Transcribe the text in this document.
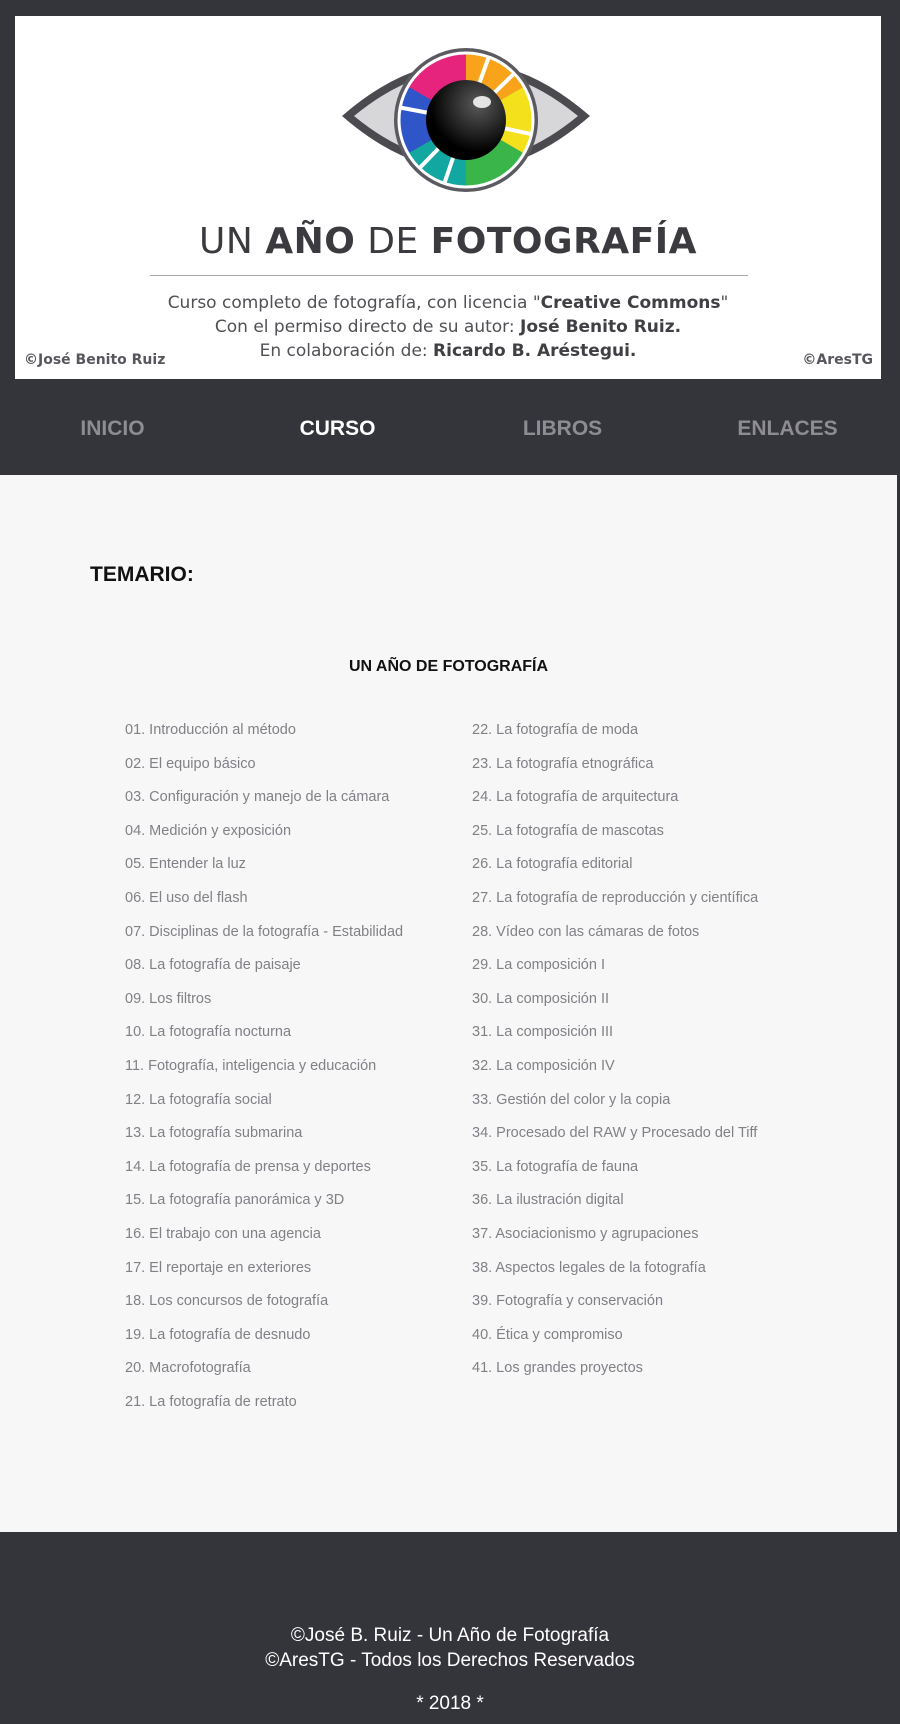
UN AÑO DE FOTOGRAFÍA
Curso completo de fotografía, con licencia "Creative Commons"
Con el permiso directo de su autor: José Benito Ruiz.
En colaboración de: Ricardo B. Aréstegui.
©José Benito Ruiz	©AresTG
INICIO	CURSO	LIBROS	ENLACES
TEMARIO:
UN AÑO DE FOTOGRAFÍA
01. Introducción al método
02. El equipo básico
03. Configuración y manejo de la cámara
04. Medición y exposición
05. Entender la luz
06. El uso del flash
07. Disciplinas de la fotografía - Estabilidad
08. La fotografía de paisaje
09. Los filtros
10. La fotografía nocturna
11. Fotografía, inteligencia y educación
12. La fotografía social
13. La fotografía submarina
14. La fotografía de prensa y deportes
15. La fotografía panorámica y 3D
16. El trabajo con una agencia
17. El reportaje en exteriores
18. Los concursos de fotografía
19. La fotografía de desnudo
20. Macrofotografía
21. La fotografía de retrato
22. La fotografía de moda
23. La fotografía etnográfica
24. La fotografía de arquitectura
25. La fotografía de mascotas
26. La fotografía editorial
27. La fotografía de reproducción y científica
28. Vídeo con las cámaras de fotos
29. La composición I
30. La composición II
31. La composición III
32. La composición IV
33. Gestión del color y la copia
34. Procesado del RAW y Procesado del Tiff
35. La fotografía de fauna
36. La ilustración digital
37. Asociacionismo y agrupaciones
38. Aspectos legales de la fotografía
39. Fotografía y conservación
40. Ética y compromiso
41. Los grandes proyectos
©José B. Ruiz - Un Año de Fotografía
©AresTG - Todos los Derechos Reservados
* 2018 *
